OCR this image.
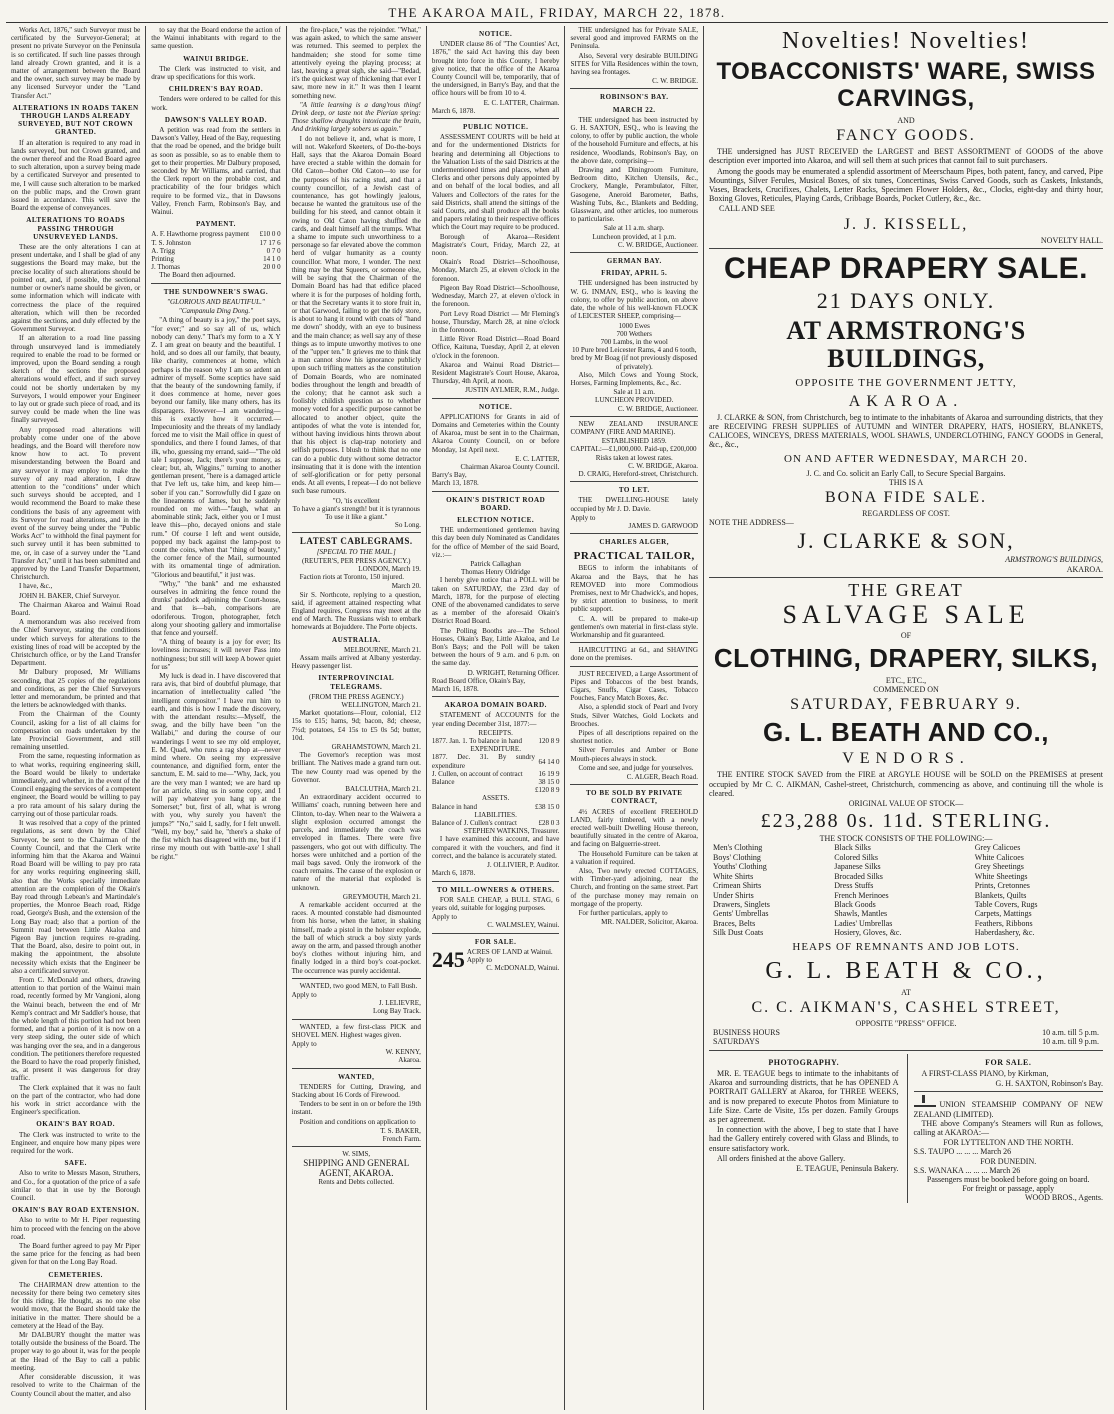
THE AKAROA MAIL, FRIDAY, MARCH 22, 1878.

Works Act, 1876," such Surveyor must be certificated by the Surveyor-General; at present no private Surveyor on the Peninsula is so certificated. If such line passes through land already Crown granted, and it is a matter of arrangement between the Board and the owner, such survey may be made by any licensed Surveyor under the "Land Transfer Act."

ALTERATIONS IN ROADS TAKEN THROUGH LANDS ALREADY SURVEYED, BUT NOT CROWN GRANTED.

If an alteration is required to any road in lands surveyed, but not Crown granted, and the owner thereof and the Road Board agree to such alteration, upon a survey being made by a certificated Surveyor and presented to me, I will cause such alteration to be marked on the public maps, and the Crown grant issued in accordance. This will save the Board the expense of conveyances.

ALTERATIONS TO ROADS PASSING THROUGH UNSURVEYED LANDS.

These are the only alterations I can at present undertake, and I shall be glad of any suggestions the Board may make, but the precise locality of such alterations should be pointed out, and, if possible, the sectional number or owner's name should be given, or some information which will indicate with correctness the place of the required alteration, which will then be recorded against the sections, and duly effected by the Government Surveyor.

If an alteration to a road line passing through unsurveyed land is immediately required to enable the road to be formed or improved, upon the Board sending a rough sketch of the sections the proposed alterations would effect, and if such survey could not be shortly undertaken by my Surveyors, I would empower your Engineer to lay out or grade such piece of road, and its survey could be made when the line was finally surveyed.

Any proposed road alterations will probably come under one of the above headings, and the Board will therefore now know how to act. To prevent misunderstanding between the Board and any surveyor it may employ to make the survey of any road alteration, I draw attention to the "conditions" under which such surveys should be accepted, and I would recommend the Board to make these conditions the basis of any agreement with its Surveyor for road alterations, and in the event of the survey being under the "Public Works Act" to withhold the final payment for such survey until it has been submitted to me, or, in case of a survey under the "Land Transfer Act," until it has been submitted and approved by the Land Transfer Department, Christchurch.

I have, &c.,

JOHN H. BAKER, Chief Surveyor.

The Chairman Akaroa and Wainui Road Board.

A memorandum was also received from the Chief Surveyor, stating the conditions under which surveys for alterations to the existing lines of road will be accepted by the Christchurch office, or by the Land Transfer Department.

Mr Dalbury proposed, Mr Williams seconding, that 25 copies of the regulations and conditions, as per the Chief Surveyors letter and memorandum, be printed and that the letters be acknowledged with thanks.

From the Chairman of the County Council, asking for a list of all claims for compensation on roads undertaken by the late Provincial Government, and still remaining unsettled.

From the same, requesting information as to what works, requiring engineering skill, the Board would be likely to undertake immediately, and whether, in the event of the Council engaging the services of a competent engineer, the Board would be willing to pay a pro rata amount of his salary during the carrying out of those particular roads.

It was resolved that a copy of the printed regulations, as sent down by the Chief Surveyor, be sent to the Chairman of the County Council, and that the Clerk write informing him that the Akaroa and Wainui Road Board will be willing to pay pro rata for any works requiring engineering skill, also that the Works specially immediate attention are the completion of the Okain's Bay road through Lebean's and Martindale's properties, the Monroe Beach road, Ridge road, George's Bush, and the extension of the Long Bay road; also that a portion of the Summit road between Little Akaloa and Pigeon Bay junction requires re-grading. That the Board, also, desire to point out, in making the appointment, the absolute necessity which exists that the Engineer be also a certificated surveyor.

From C. McDonald and others, drawing attention to that portion of the Wainui main road, recently formed by Mr Vangioni, along the Wainui beach, between the end of Mr Kemp's contract and Mr Saddler's house, that the whole length of this portion had not been formed, and that a portion of it is now on a very steep siding, the outer side of which was hanging over the sea, and in a dangerous condition. The petitioners therefore requested the Board to have the road properly finished, as, at present it was dangerous for dray traffic.

The Clerk explained that it was no fault on the part of the contractor, who had done his work in strict accordance with the Engineer's specification.

OKAIN'S BAY ROAD.

The Clerk was instructed to write to the Engineer, and enquire how many pipes were required for the work.

SAFE.

Also to write to Messrs Mason, Struthers, and Co., for a quotation of the price of a safe similar to that in use by the Borough Council.

OKAIN'S BAY ROAD EXTENSION.

Also to write to Mr H. Piper requesting him to proceed with the fencing on the above road.

The Board further agreed to pay Mr Piper the same price for the fencing as had been given for that on the Long Bay Road.

CEMETERIES.

The CHAIRMAN drew attention to the necessity for there being two cemetery sites for this riding. He thought, as no one else would move, that the Board should take the initiative in the matter. There should be a cemetery at the Head of the Bay.

Mr DALBURY thought the matter was totally outside the business of the Board. The proper way to go about it, was for the people at the Head of the Bay to call a public meeting.

After considerable discussion, it was resolved to write to the Chairman of the County Council about the matter, and also

to say that the Board endorse the action of the Wainui inhabitants with regard to the same question.

WAINUI BRIDGE.

The Clerk was instructed to visit, and draw up specifications for this work.

CHILDREN'S BAY ROAD.

Tenders were ordered to be called for this work.

DAWSON'S VALLEY ROAD.

A petition was read from the settlers in Dawson's Valley, Head of the Bay, requesting that the road be opened, and the bridge built as soon as possible, so as to enable them to get to their properties. Mr Dalbury proposed, seconded by Mr Williams, and carried, that the Clerk report on the probable cost, and practicability of the four bridges which require to be formed viz., that in Dawsons Valley, French Farm, Robinson's Bay, and Wainui.

PAYMENT.
A. F. Hawthorne progress payment	£10 0 0
T. S. Johnston	17 17 6
A. Trigg	0 7 0
Printing	14 1 0
J. Thomas	20 0 0

The Board then adjourned.

THE SUNDOWNER'S SWAG.
"GLORIOUS AND BEAUTIFUL."
"Campanula Ding Dong."

"A thing of beauty is a joy," the poet says, "for ever;" and so say all of us, which nobody can deny." That's my form to a X Y Z. I am great on beauty and the beautiful. I hold, and so does all our family, that beauty, like charity, commences at home, which perhaps is the reason why I am so ardent an admirer of myself. Some sceptics have said that the beauty of the sundowning family, if it does commence at home, never goes beyond our family, like many others, has its disparagers. However—I am wandering—this is exactly how it occurred.—Impecuniosity and the threats of my landlady forced me to visit the Mail office in quest of spondulics, and there I found James, of that ilk, who, guessing my errand, said—"The old tale I suppose, Jack; there's your money, as clear; but, ah, Wiggins," turning to another gentleman present, "here is a damaged article that I've left us, take him, and keep him—sober if you can." Sorrowfully did I gaze on the lineaments of James, but he suddenly rounded on me with—"faugh, what an abominable stink; Jack, either you or I must leave this—pho, decayed onions and stale rum." Of course I left and went outside, popped my back against the lamp-post to count the coins, when that "thing of beauty," the corner fence of the Mail, surmounted with its ornamental tinge of admiration. "Glorious and beautiful," it just was.

"Why," "the bank" and me exhausted ourselves in admiring the fence round the drunks' paddock adjoining the Court-house, and that is—bah, comparisons are odoriferous. Trogon, photographer, fetch along your shooting gallery and immortalise that fence and yourself.

"A thing of beauty is a joy for ever; Its loveliness increases; it will never Pass into nothingness; but still will keep A bower quiet for us"

My luck is dead in. I have discovered that rara avis, that bird of doubtful plumage, that incarnation of intellectuality called "the intelligent compositor." I have run him to earth, and this is how I made the discovery, with the attendant results:—Myself, the swag, and the billy have been "on the Wallabi," and during the course of our wanderings I went to see my old employer, E. M. Quad, who runs a rag shop at—never mind where. On seeing my expressive countenance, and dignified form, enter the sanctum, E. M. said to me—"Why, Jack, you are the very man I wanted; we are hard up for an article, sling us in some copy, and I will pay whatever you hang up at the Somerset;" but, first of all, what is wrong with you, why surely you haven't the jumps?" "No," said I, sadly, for I felt unwell. "Well, my boy," said he, "there's a shake of the fist which has disagreed with me, but if I rinse my mouth out with 'battle-axe' I shall be right."

the fire-place," was the rejoinder. "What," was again asked, to which the same answer was returned. This seemed to perplex the handmaiden; she stood for some time attentively eyeing the playing process; at last, heaving a great sigh, she said—"Bedad, it's the quickest way of thickening that ever I saw, more new in it." It was then I learnt something new.

"A little learning is a dang'rous thing! Drink deep, or taste not the Pierian spring: Those shallow draughts intoxicate the brain, And drinking largely sobers us again."

I do not believe it, and, what is more, I will not. Wakeford Skeeters, of Do-the-boys Hall, says that the Akaroa Domain Board have erected a stable within the domain for Old Caton—bother Old Caton—to use for the purposes of his racing stud, and that a county councillor, of a Jewish cast of countenance, has got howlingly jealous, because he wanted the gratuitous use of the building for his steed, and cannot obtain it owing to Old Caton having shuffled the cards, and dealt himself all the trumps. What a shame to impute such unworthiness to a personage so far elevated above the common herd of vulgar humanity as a county councillor. What more, I wonder. The next thing may be that Squeers, or someone else, will be saying that the Chairman of the Domain Board has had that edifice placed where it is for the purposes of holding forth, or that the Secretary wants it to store fruit in, or that Garwood, failing to get the tidy store, is about to hang it round with coats of "hand me down" shoddy, with an eye to business and the main chance; as well say any of these things as to impute unworthy motives to one of the "upper ten." It grieves me to think that a man cannot show his ignorance publicly upon such trifling matters as the constitution of Domain Boards, who are nominated bodies throughout the length and breadth of the colony; that he cannot ask such a foolishly childish question as to whether money voted for a specific purpose cannot be allocated to another object, quite the antipodes of what the vote is intended for, without having invidious hints thrown about that his object is clap-trap notoriety and selfish purposes. I blush to think that no one can do a public duty without some detractor insinuating that it is done with the intention of self-glorification or for petty personal ends. At all events, I repeat—I do not believe such base rumours.

"O, 'tis excellent
To have a giant's strength! but it is tyrannous
To use it like a giant."
So Long.
LATEST CABLEGRAMS.
[SPECIAL TO THE MAIL.]
(REUTER'S, PER PRESS AGENCY.)
LONDON, March 19.

Faction riots at Toronto, 150 injured.

March 20.

Sir S. Northcote, replying to a question, said, if agreement attained respecting what England requires, Congress may meet at the end of March. The Russians wish to embark homewards at Bojuddere. The Porte objects.

AUSTRALIA.
MELBOURNE, March 21.

Assam mails arrived at Albany yesterday. Heavy passenger list.

INTERPROVINCIAL TELEGRAMS.
(FROM THE PRESS AGENCY.)
WELLINGTON, March 21.

Market quotations—Flour, colonial, £12 15s to £15; hams, 9d; bacon, 8d; cheese, 7½d; potatoes, £4 15s to £5 0s 5d; butter, 10d.

GRAHAMSTOWN, March 21.

The Governor's reception was most brilliant. The Natives made a grand turn out. The new County road was opened by the Governor.

BALCLUTHA, March 21.

An extraordinary accident occurred to Williams' coach, running between here and Clinton, to-day. When near to the Waiwera a slight explosion occurred amongst the parcels, and immediately the coach was enveloped in flames. There were five passengers, who got out with difficulty. The horses were unhitched and a portion of the mail bags saved. Only the ironwork of the coach remains. The cause of the explosion or nature of the material that exploded is unknown.

GREYMOUTH, March 21.

A remarkable accident occurred at the races. A mounted constable had dismounted from his horse, when the latter, in shaking himself, made a pistol in the holster explode, the ball of which struck a boy sixty yards away on the arm, and passed through another boy's clothes without injuring him, and finally lodged in a third boy's coat-pocket. The occurrence was purely accidental.

WANTED, two good MEN, to Fall Bush.

Apply to
J. LELIEVRE,
Long Bay Track.

WANTED, a few first-class PICK and SHOVEL MEN. Highest wages given.

Apply to
W. KENNY,
Akaroa.
WANTED,

TENDERS for Cutting, Drawing, and Stacking about 16 Cords of Firewood.

Tenders to be sent in on or before the 19th instant.

Position and conditions on application to

T. S. BAKER,
French Farm.
W. SIMS,
SHIPPING AND GENERAL AGENT, AKAROA.
Rents and Debts collected.
NOTICE.

UNDER clause 86 of "The Counties' Act, 1876," the said Act having this day been brought into force in this County, I hereby give notice, that the office of the Akaroa County Council will be, temporarily, that of the undersigned, in Barry's Bay, and that the office hours will be from 10 to 4.

E. C. LATTER, Chairman.
March 6, 1878.
PUBLIC NOTICE.

ASSESSMENT COURTS will be held at and for the undermentioned Districts for hearing and determining all Objections to the Valuation Lists of the said Districts at the undermentioned times and places, when all Clerks and other persons duly appointed by and on behalf of the local bodies, and all Valuers and Collectors of the rates for the said Districts, shall attend the sittings of the said Courts, and shall produce all the books and papers relating to their respective offices which the Court may require to be produced.

Borough of Akaroa—Resident Magistrate's Court, Friday, March 22, at noon.

Okain's Road District—Schoolhouse, Monday, March 25, at eleven o'clock in the forenoon.

Pigeon Bay Road District—Schoolhouse, Wednesday, March 27, at eleven o'clock in the forenoon.

Port Levy Road District — Mr Fleming's house, Thursday, March 28, at nine o'clock in the forenoon.

Little River Road District—Road Board Office, Kaituna, Tuesday, April 2, at eleven o'clock in the forenoon.

Akaroa and Wainui Road District—Resident Magistrate's Court House, Akaroa, Thursday, 4th April, at noon.

JUSTIN AYLMER, R.M., Judge.
NOTICE.

APPLICATIONS for Grants in aid of Domains and Cemeteries within the County of Akaroa, must be sent in to the Chairman, Akaroa County Council, on or before Monday, 1st April next.

E. C. LATTER,
Chairman Akaroa County Council.
Barry's Bay,
March 13, 1878.
OKAIN'S DISTRICT ROAD BOARD.
ELECTION NOTICE.

THE undermentioned gentlemen having this day been duly Nominated as Candidates for the office of Member of the said Board, viz.:—

Patrick Callaghan
Thomas Henry Oldridge

I hereby give notice that a POLL will be taken on SATURDAY, the 23rd day of March, 1878, for the purpose of electing ONE of the abovenamed candidates to serve as a member of the aforesaid Okain's District Road Board.

The Polling Booths are—The School Houses, Okain's Bay, Little Akaloa, and Le Bon's Bays; and the Poll will be taken between the hours of 9 a.m. and 6 p.m. on the same day.

D. WRIGHT, Returning Officer.
Road Board Office, Okain's Bay,
March 16, 1878.
AKAROA DOMAIN BOARD.

STATEMENT of ACCOUNTS for the year ending December 31st, 1877:—

RECEIPTS.
1877. Jan. 1. To balance in hand	120 8 9
EXPENDITURE.
1877. Dec. 31. By sundry expenditure	64 14 0
J. Cullen, on account of contract	16 19 9
Balance	38 15 0
	£120 8 9
ASSETS.
Balance in hand	£38 15 0
LIABILITIES.
Balance of J. Cullen's contract	£28 0 3
STEPHEN WATKINS, Treasurer.

I have examined this account, and have compared it with the vouchers, and find it correct, and the balance is accurately stated.

J. OLLIVIER, P. Auditor.
March 6, 1878.
TO MILL-OWNERS & OTHERS.

FOR SALE CHEAP, a BULL STAG, 6 years old, suitable for logging purposes.

Apply to
C. WALMSLEY, Wainui.
FOR SALE.
245 ACRES OF LAND at Wainui.
Apply to
C. McDONALD, Wainui.

THE undersigned has for Private SALE, several good and improved FARMS on the Peninsula.

Also, Several very desirable BUILDING SITES for Villa Residences within the town, having sea frontages.

C. W. BRIDGE.
ROBINSON'S BAY.
MARCH 22.

THE undersigned has been instructed by G. H. SAXTON, ESQ., who is leaving the colony, to offer by public auction, the whole of the household Furniture and effects, at his residence, Woodlands, Robinson's Bay, on the above date, comprising—

Drawing and Diningroom Furniture, Bedroom ditto, Kitchen Utensils, &c., Crockery, Mangle, Perambulator, Filter, Gasogene, Aneroid Barometer, Baths, Washing Tubs, &c., Blankets and Bedding, Glassware, and other articles, too numerous to particularise.

Sale at 11 a.m. sharp.
Luncheon provided, at 1 p.m.
C. W. BRIDGE, Auctioneer.
GERMAN BAY.
FRIDAY, APRIL 5.

THE undersigned has been instructed by W. G. INMAN, ESQ., who is leaving the colony, to offer by public auction, on above date, the whole of his well-known FLOCK of LEICESTER SHEEP, comprising—

1000 Ewes
700 Wethers
700 Lambs, in the wool
10 Pure bred Leicester Rams, 4 and 6 tooth, bred by Mr Boag (if not previously disposed of privately).

Also, Milch Cows and Young Stock, Horses, Farming Implements, &c., &c.

Sale at 11 a.m.
LUNCHEON PROVIDED.
C. W. BRIDGE, Auctioneer.

NEW ZEALAND INSURANCE COMPANY (FIRE AND MARINE).

ESTABLISHED 1859.
CAPITAL:—£1,000,000. Paid-up, £200,000
Risks taken at lowest rates.
C. W. BRIDGE, Akaroa.
D. CRAIG, Hereford-street, Christchurch.
TO LET.

THE DWELLING-HOUSE lately occupied by Mr J. D. Davie.

Apply to
JAMES D. GARWOOD
CHARLES ALGER,
PRACTICAL TAILOR,

BEGS to inform the inhabitants of Akaroa and the Bays, that he has REMOVED into more Commodious Premises, next to Mr Chadwick's, and hopes, by strict attention to business, to merit public support.

C. A. will be prepared to make-up gentlemen's own material in first-class style. Workmanship and fit guaranteed.

HAIRCUTTING at 6d., and SHAVING done on the premises.

JUST RECEIVED, a Large Assortment of Pipes and Tobaccos of the best brands, Cigars, Snuffs, Cigar Cases, Tobacco Pouches, Fancy Match Boxes, &c.

Also, a splendid stock of Pearl and Ivory Studs, Silver Watches, Gold Lockets and Brooches.

Pipes of all descriptions repaired on the shortest notice.

Silver Ferrules and Amber or Bone Mouth-pieces always in stock.

Come and see, and judge for yourselves.

C. ALGER, Beach Road.
TO BE SOLD BY PRIVATE CONTRACT,

4½ ACRES of excellent FREEHOLD LAND, fairly timbered, with a newly erected well-built Dwelling House thereon, beautifully situated in the centre of Akaroa, and facing on Balguerrie-street.

The Household Furniture can be taken at a valuation if required.

Also, Two newly erected COTTAGES, with Timber-yard adjoining, near the Church, and fronting on the same street. Part of the purchase money may remain on mortgage of the property.

For further particulars, apply to

MR. NALDER, Solicitor, Akaroa.
Novelties! Novelties!
TOBACCONISTS' WARE, SWISS CARVINGS,
AND
FANCY GOODS.

THE undersigned has JUST RECEIVED the LARGEST and BEST ASSORTMENT of GOODS of the above description ever imported into Akaroa, and will sell them at such prices that cannot fail to suit purchasers.

Among the goods may be enumerated a splendid assortment of Meerschaum Pipes, both patent, fancy, and carved, Pipe Mountings, Silver Ferules, Musical Boxes, of six tunes, Concertinas, Swiss Carved Goods, such as Caskets, Inkstands, Vases, Brackets, Crucifixes, Chalets, Letter Racks, Specimen Flower Holders, &c., Clocks, eight-day and thirty hour, Boxing Gloves, Reticules, Playing Cards, Cribbage Boards, Pocket Cutlery, &c., &c.

CALL AND SEE
J. J. KISSELL,
NOVELTY HALL.
CHEAP DRAPERY SALE.
21 DAYS ONLY.
AT ARMSTRONG'S BUILDINGS,
OPPOSITE THE GOVERNMENT JETTY,
AKAROA.

J. CLARKE & SON, from Christchurch, beg to intimate to the inhabitants of Akaroa and surrounding districts, that they are RECEIVING FRESH SUPPLIES of AUTUMN and WINTER DRAPERY, HATS, HOSIERY, BLANKETS, CALICOES, WINCEYS, DRESS MATERIALS, WOOL SHAWLS, UNDERCLOTHING, FANCY GOODS in General, &c., &c.,

ON AND AFTER WEDNESDAY, MARCH 20.
J. C. and Co. solicit an Early Call, to Secure Special Bargains.
THIS IS A
BONA FIDE SALE.
REGARDLESS OF COST.
NOTE THE ADDRESS—
J. CLARKE & SON,
ARMSTRONG'S BUILDINGS,
AKAROA.
THE GREAT
SALVAGE SALE
OF
CLOTHING, DRAPERY, SILKS,
ETC., ETC.,
COMMENCED ON
SATURDAY, FEBRUARY 9.
G. L. BEATH AND CO.,
VENDORS.

THE ENTIRE STOCK SAVED from the FIRE at ARGYLE HOUSE will be SOLD on the PREMISES at present occupied by Mr C. C. AIKMAN, Cashel-street, Christchurch, commencing as above, and continuing till the whole is cleared.

ORIGINAL VALUE OF STOCK—
£23,288 0s. 11d. STERLING.
THE STOCK CONSISTS OF THE FOLLOWING:—
Men's Clothing	Black Silks	Grey Calicoes
Boys' Clothing	Colored Silks	White Calicoes
Youths' Clothing	Japanese Silks	Grey Sheetings
White Shirts	Brocaded Silks	White Sheetings
Crimean Shirts	Dress Stuffs	Prints, Cretonnes
Under Shirts	French Merinoes	Blankets, Quilts
Drawers, Singlets	Black Goods	Table Covers, Rugs
Gents' Umbrellas	Shawls, Mantles	Carpets, Mattings
Braces, Belts	Ladies' Umbrellas	Feathers, Ribbons
Silk Dust Coats	Hosiery, Gloves, &c.	Haberdashery, &c.
HEAPS OF REMNANTS AND JOB LOTS.
G. L. BEATH & CO.,
AT
C. C. AIKMAN'S, CASHEL STREET,
OPPOSITE "PRESS" OFFICE.
BUSINESS HOURS	10 a.m. till 5 p.m.
SATURDAYS	10 a.m. till 9 p.m.
PHOTOGRAPHY.

MR. E. TEAGUE begs to intimate to the inhabitants of Akaroa and surrounding districts, that he has OPENED A PORTRAIT GALLERY at Akaroa, for THREE WEEKS, and is now prepared to execute Photos from Miniature to Life Size. Carte de Visite, 15s per dozen. Family Groups as per agreement.

In connection with the above, I beg to state that I have had the Gallery entirely covered with Glass and Blinds, to ensure satisfactory work.

All orders finished at the above Gallery.

E. TEAGUE, Peninsula Bakery.
FOR SALE.

A FIRST-CLASS PIANO, by Kirkman,

G. H. SAXTON, Robinson's Bay.
UNION STEAMSHIP COMPANY OF NEW ZEALAND (LIMITED).

THE above Company's Steamers will Run as follows, calling at AKAROA:—

FOR LYTTELTON AND THE NORTH.
S.S. TAUPO ... ... ... March 26
FOR DUNEDIN.
S.S. WANAKA ... ... ... March 26
Passengers must be booked before going on board.
For freight or passage, apply
WOOD BROS., Agents.
